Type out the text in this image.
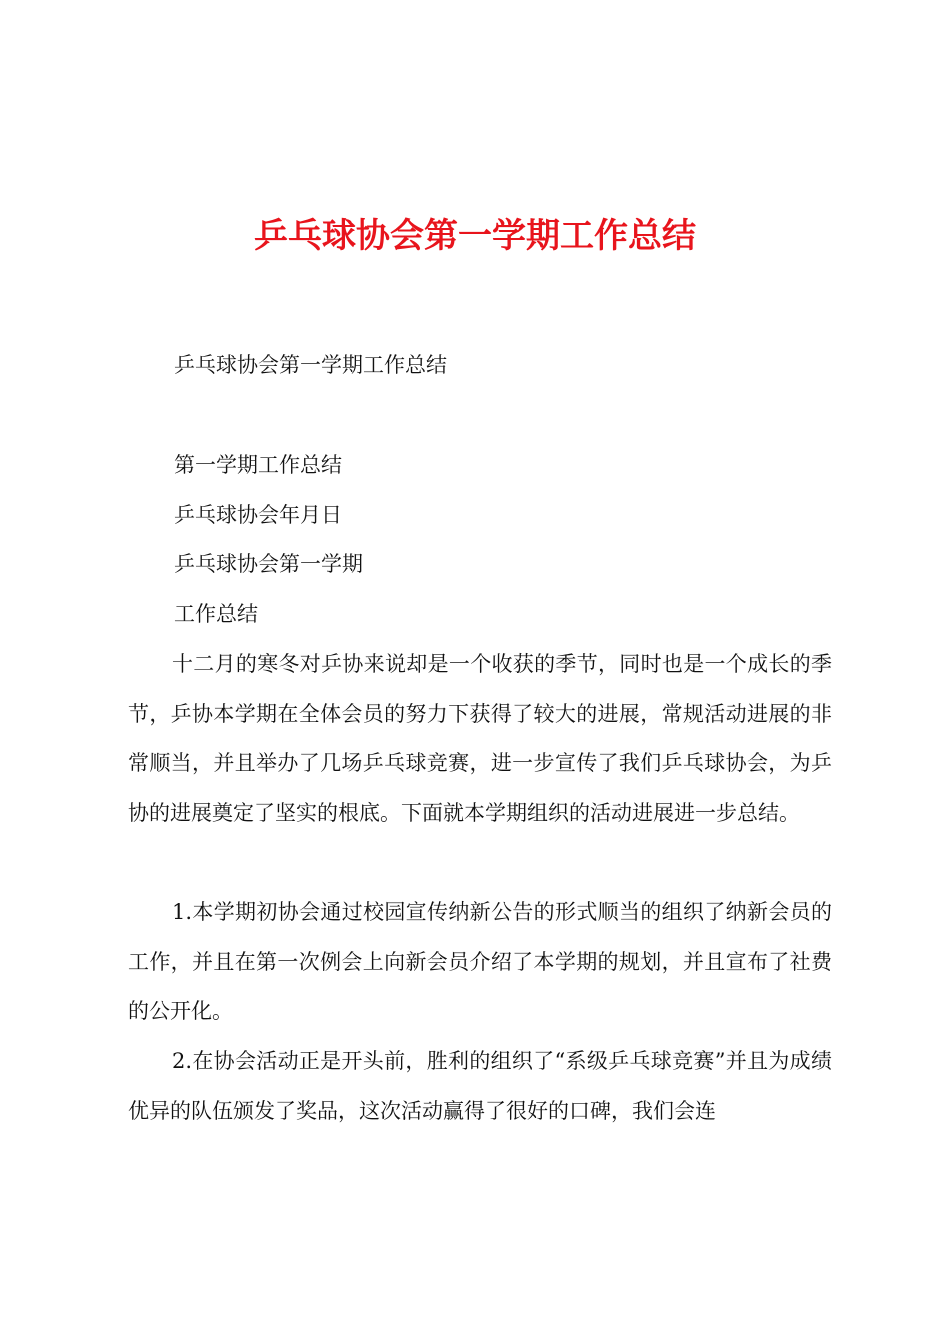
乒乓球协会第一学期工作总结

乒乓球协会第一学期工作总结

第一学期工作总结

乒乓球协会年月日

乒乓球协会第一学期

工作总结

十二月的寒冬对乒协来说却是一个收获的季节，同时也是一个成长的季节，乒协本学期在全体会员的努力下获得了较大的进展，常规活动进展的非常顺当，并且举办了几场乒乓球竞赛，进一步宣传了我们乒乓球协会，为乒协的进展奠定了坚实的根底。下面就本学期组织的活动进展进一步总结。

1.本学期初协会通过校园宣传纳新公告的形式顺当的组织了纳新会员的工作，并且在第一次例会上向新会员介绍了本学期的规划，并且宣布了社费的公开化。

2.在协会活动正是开头前，胜利的组织了“系级乒乓球竞赛”并且为成绩优异的队伍颁发了奖品，这次活动赢得了很好的口碑，我们会连
